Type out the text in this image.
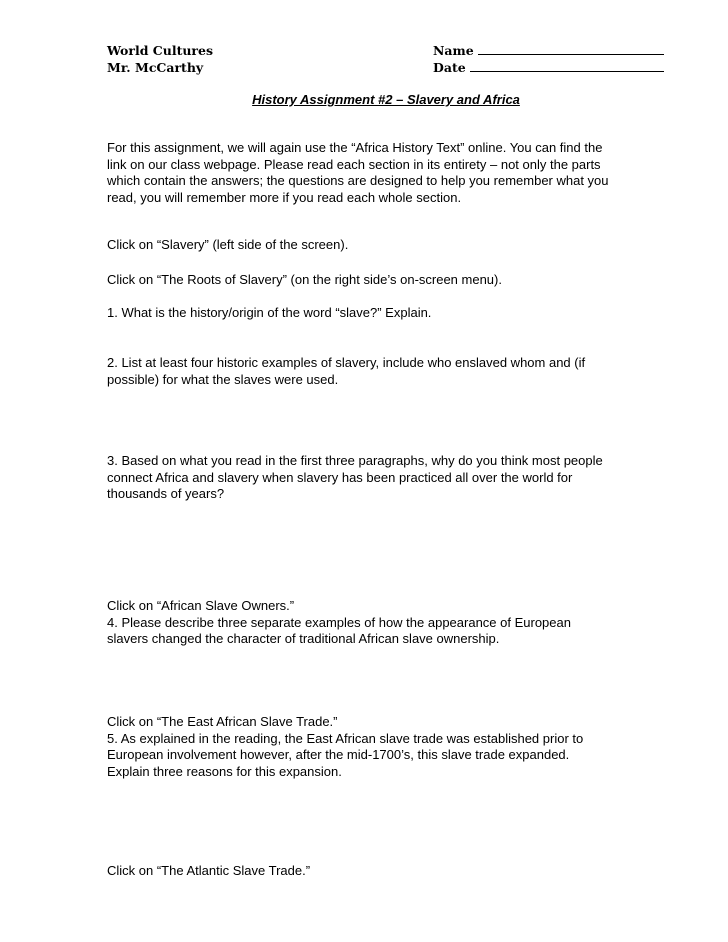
World Cultures
Mr. McCarthy
Name
Date
History Assignment #2 – Slavery and Africa
For this assignment, we will again use the “Africa History Text” online. You can find the
link on our class webpage. Please read each section in its entirety – not only the parts
which contain the answers; the questions are designed to help you remember what you
read, you will remember more if you read each whole section.
Click on “Slavery” (left side of the screen).
Click on “The Roots of Slavery” (on the right side’s on-screen menu).
1. What is the history/origin of the word “slave?” Explain.
2. List at least four historic examples of slavery, include who enslaved whom and (if
possible) for what the slaves were used.
3. Based on what you read in the first three paragraphs, why do you think most people
connect Africa and slavery when slavery has been practiced all over the world for
thousands of years?
Click on “African Slave Owners.”
4. Please describe three separate examples of how the appearance of European
slavers changed the character of traditional African slave ownership.
Click on “The East African Slave Trade.”
5. As explained in the reading, the East African slave trade was established prior to
European involvement however, after the mid-1700’s, this slave trade expanded.
Explain three reasons for this expansion.
Click on “The Atlantic Slave Trade.”
